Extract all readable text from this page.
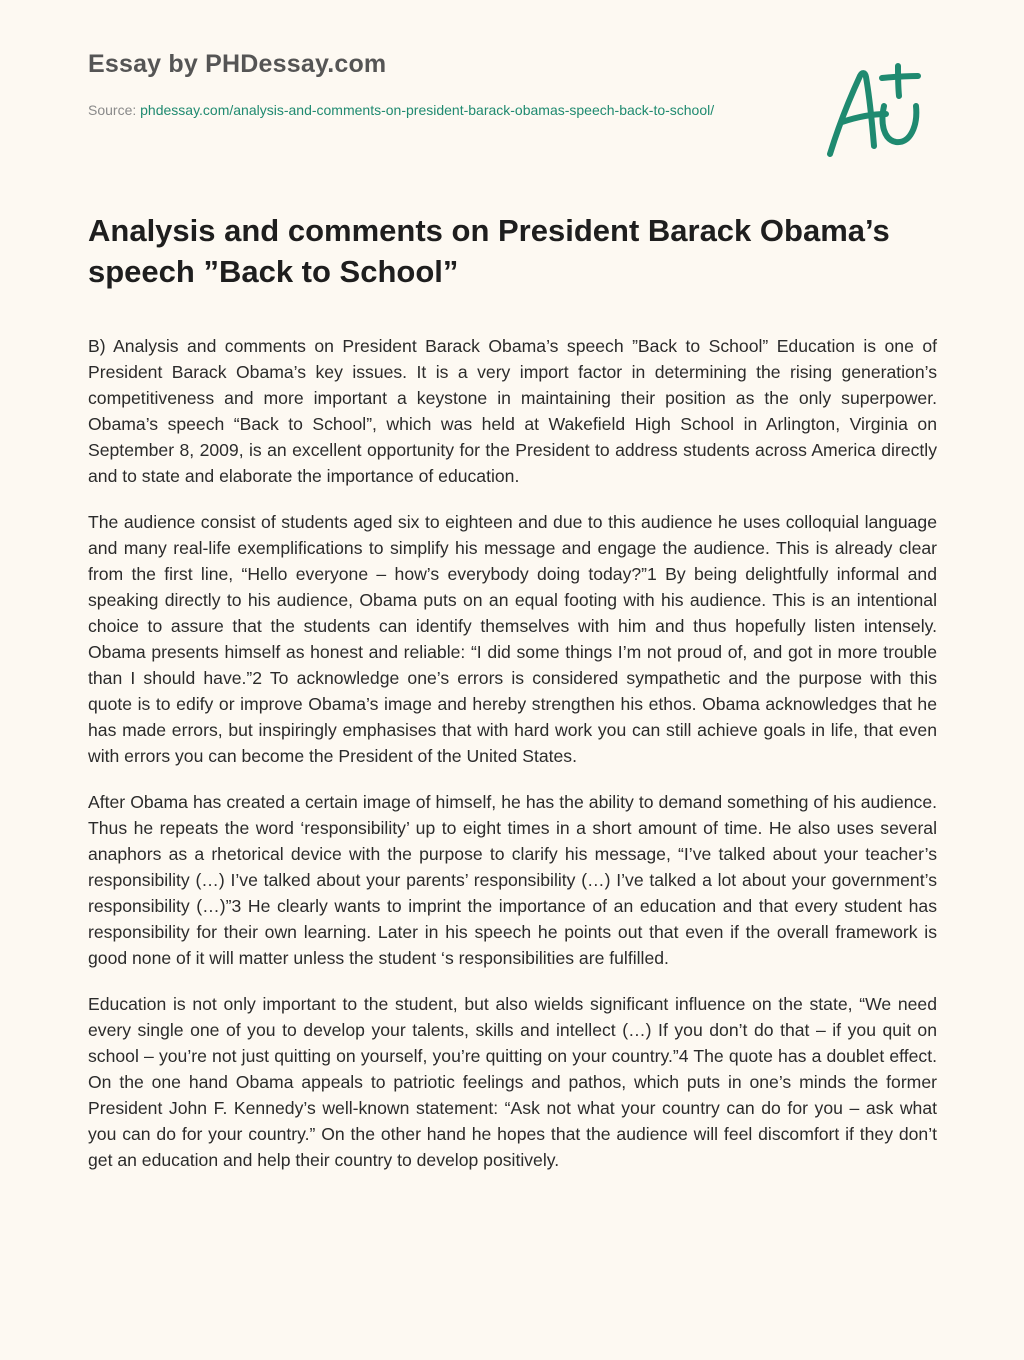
Essay by PHDessay.com
Source: phdessay.com/analysis-and-comments-on-president-barack-obamas-speech-back-to-school/
Analysis and comments on President Barack Obama’s speech ”Back to School”

B) Analysis and comments on President Barack Obama’s speech ”Back to School” Education is one of President Barack Obama’s key issues. It is a very import factor in determining the rising generation’s competitiveness and more important a keystone in maintaining their position as the only superpower. Obama’s speech “Back to School”, which was held at Wakefield High School in Arlington, Virginia on September 8, 2009, is an excellent opportunity for the President to address students across America directly and to state and elaborate the importance of education.

The audience consist of students aged six to eighteen and due to this audience he uses colloquial language and many real-life exemplifications to simplify his message and engage the audience. This is already clear from the first line, “Hello everyone – how’s everybody doing today?”1 By being delightfully informal and speaking directly to his audience, Obama puts on an equal footing with his audience. This is an intentional choice to assure that the students can identify themselves with him and thus hopefully listen intensely. Obama presents himself as honest and reliable: “I did some things I’m not proud of, and got in more trouble than I should have.”2 To acknowledge one’s errors is considered sympathetic and the purpose with this quote is to edify or improve Obama’s image and hereby strengthen his ethos. Obama acknowledges that he has made errors, but inspiringly emphasises that with hard work you can still achieve goals in life, that even with errors you can become the President of the United States.

After Obama has created a certain image of himself, he has the ability to demand something of his audience. Thus he repeats the word ‘responsibility’ up to eight times in a short amount of time. He also uses several anaphors as a rhetorical device with the purpose to clarify his message, “I’ve talked about your teacher’s responsibility (…) I’ve talked about your parents’ responsibility (…) I’ve talked a lot about your government’s responsibility (…)”3 He clearly wants to imprint the importance of an education and that every student has responsibility for their own learning. Later in his speech he points out that even if the overall framework is good none of it will matter unless the student ‘s responsibilities are fulfilled.

Education is not only important to the student, but also wields significant influence on the state, “We need every single one of you to develop your talents, skills and intellect (…) If you don’t do that – if you quit on school – you’re not just quitting on yourself, you’re quitting on your country.”4 The quote has a doublet effect. On the one hand Obama appeals to patriotic feelings and pathos, which puts in one’s minds the former President John F. Kennedy’s well-known statement: “Ask not what your country can do for you – ask what you can do for your country.” On the other hand he hopes that the audience will feel discomfort if they don’t get an education and help their country to develop positively.
